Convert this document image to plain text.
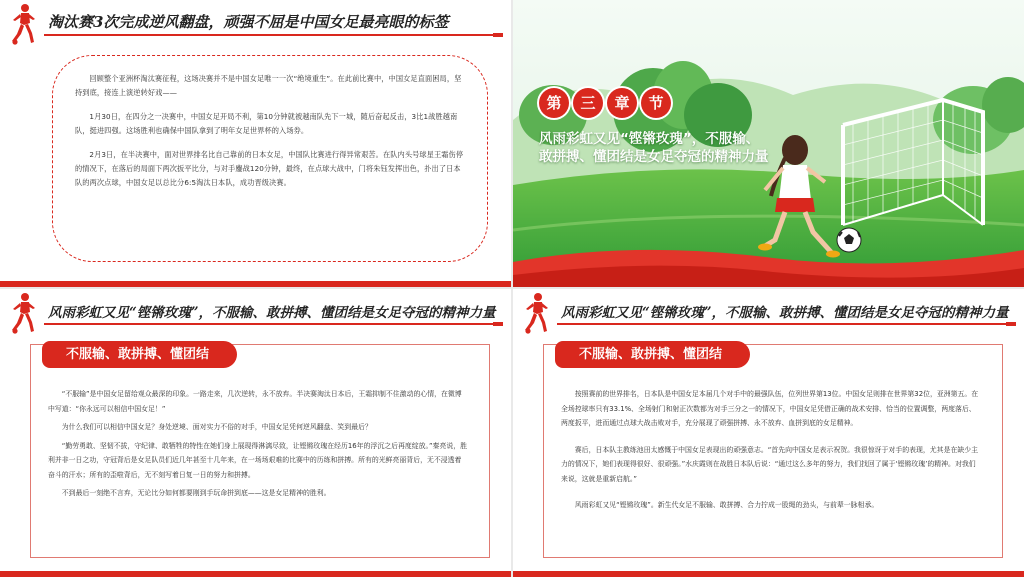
淘汰赛3次完成逆风翻盘，顽强不屈是中国女足最亮眼的标签

回顾整个亚洲杯淘汰赛征程，这场决赛并不是中国女足唯一一次“绝境重生”。在此前比赛中，中国女足直面困局，坚持到底，接连上演逆转好戏——

1月30日，在四分之一决赛中，中国女足开局不利，第10分钟就被越南队先下一城，随后奋起反击，3比1战胜越南队，挺进四强。这场胜利也确保中国队拿到了明年女足世界杯的入场券。

2月3日，在半决赛中，面对世界排名比自己靠前的日本女足，中国队比赛进行得异常艰苦。在队内头号球星王霜伤停的情况下，在落后的局面下两次扳平比分，与对手鏖战120分钟，最终，在点球大战中，门将朱钰发挥出色，扑出了日本队的两次点球，中国女足以总比分6:5淘汰日本队，成功晋级决赛。

第	三	章	节
风雨彩虹又见“铿锵玫瑰”，不服输、敢拼搏、懂团结是女足夺冠的精神力量
风雨彩虹又见“铿锵玫瑰”，不服输、敢拼搏、懂团结是女足夺冠的精神力量
不服输、敢拼搏、懂团结

“不服输”是中国女足留给观众最深的印象。一路走来，几次逆转，永不放弃。半决赛淘汰日本后，王霜抑制不住激动的心情，在微博中写道：“你永远可以相信中国女足！”

为什么我们可以相信中国女足？身处逆境、面对实力不俗的对手，中国女足凭何逆风翻盘、笑到最后？

“勤劳勇敢、坚韧不拔，守纪律、敢牺牲的特性在她们身上展现得淋漓尽致，让铿锵玫瑰在经历16年的浮沉之后再度绽放。”秦亮说，胜利并非一日之功，守冠背后是女足队员们近几年甚至十几年来，在一场场艰难的比赛中的历练和拼搏。所有的光鲜亮丽背后，无不浸透着奋斗的汗水；所有的歪啦背后，无不刻写着日复一日的努力和拼搏。

不到最后一刻绝不言弃，无论比分如何都要刚到手玩命拼到底——这是女足精神的胜利。

风雨彩虹又见“铿锵玫瑰”，不服输、敢拼搏、懂团结是女足夺冠的精神力量
不服输、敢拼搏、懂团结

按照赛前的世界排名，日本队是中国女足本届几个对手中的最强队伍，位列世界第13位。中国女足则排在世界第32位，亚洲第五。在全场控球率只有33.1%、全场射门和射正次数都为对手三分之一的情况下，中国女足凭借正确的战术安排、恰当的位置调整，两度落后、两度扳平，进而通过点球大战击败对手，充分展现了顽强拼搏、永不放弃、血拼到底的女足精神。

赛后，日本队主教练池田太感慨于中国女足表现出的顽强意志。“首先向中国女足表示祝贺。我很惊讶于对手的表现，尤其是在缺少主力的情况下，她们表现得很好、很顽强。”水庆霞则在战胜日本队后说：“通过这么多年的努力，我们找回了属于‘铿锵玫瑰’的精神。对我们来说，这就是重新启航。”

风雨彩虹又见“铿锵玫瑰”。新生代女足不服输、敢拼搏、合力拧成一股绳的劲头，与前辈一脉相承。
